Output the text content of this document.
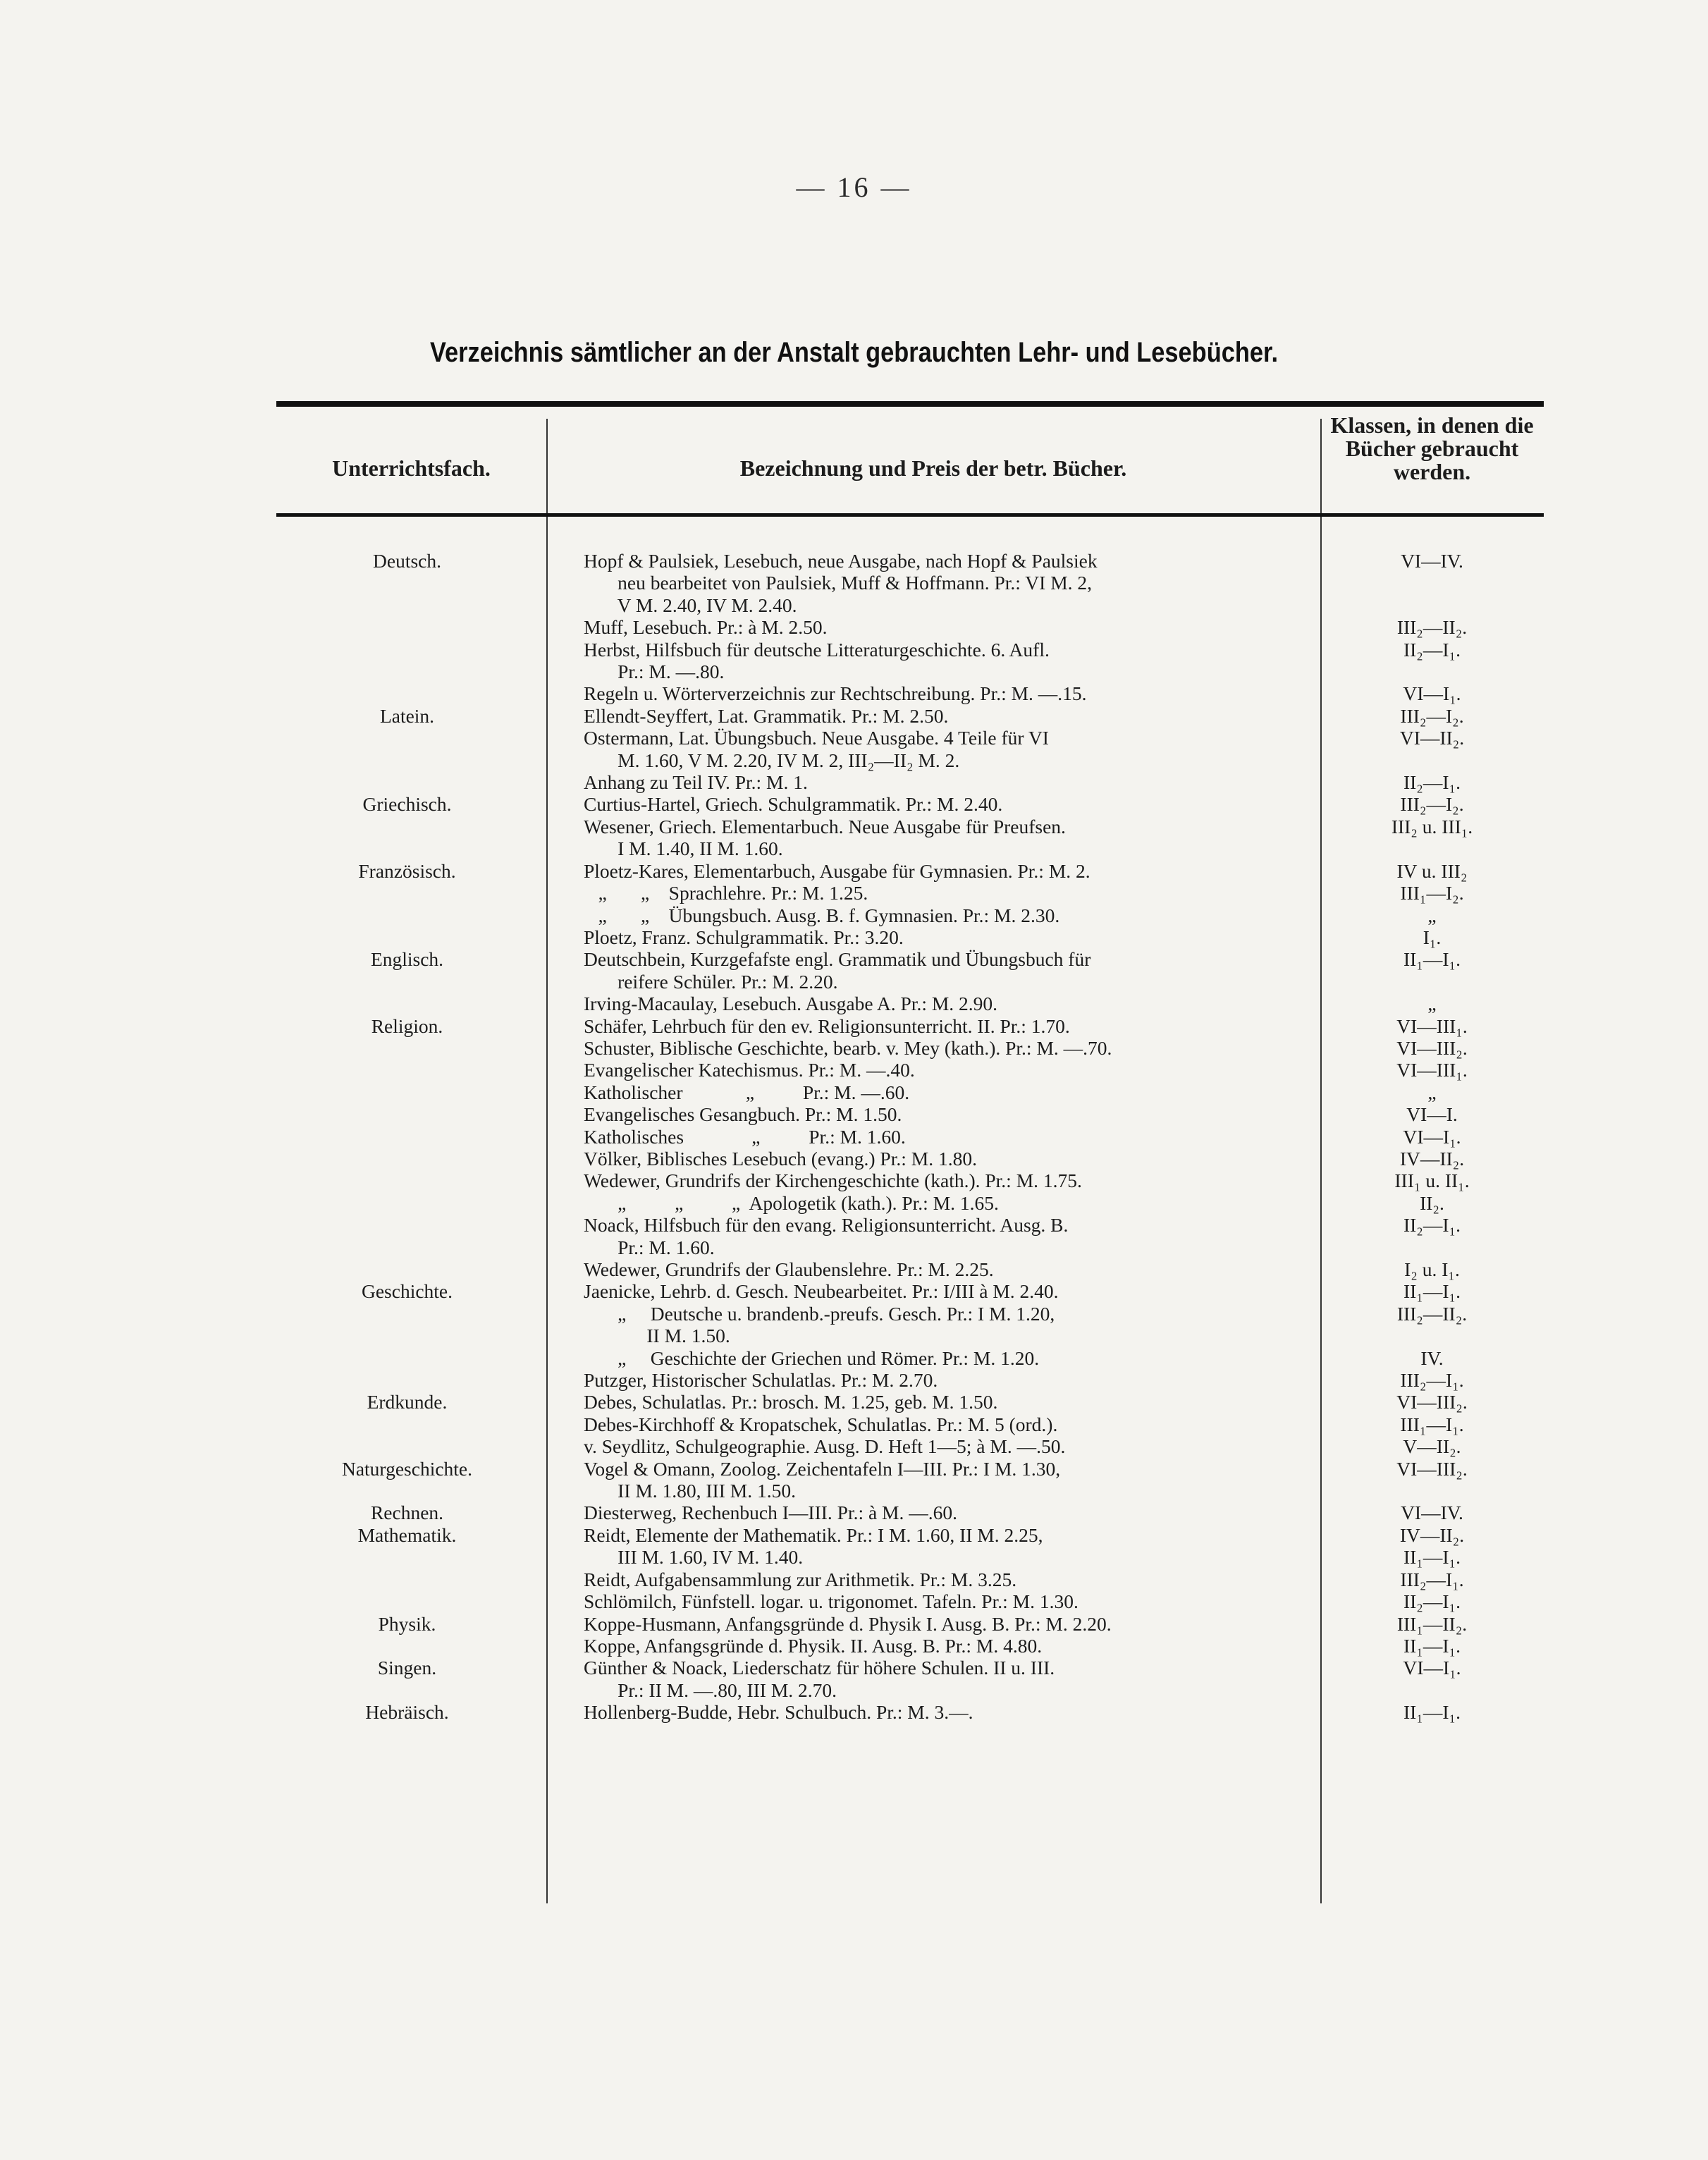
— 16 —
Verzeichnis sämtlicher an der Anstalt gebrauchten Lehr- und Lesebücher.
Unterrichtsfach.	Bezeichnung und Preis der betr. Bücher.
Klassen, in denen die Bücher gebraucht werden.
Deutsch.	Hopf & Paulsiek, Lesebuch, neue Ausgabe, nach Hopf & Paulsiek	VI—IV.
neu bearbeitet von Paulsiek, Muff & Hoffmann. Pr.: VI M. 2,
V M. 2.40, IV M. 2.40.
Muff, Lesebuch. Pr.: à M. 2.50.	III₂—II₂.
Herbst, Hilfsbuch für deutsche Litteraturgeschichte. 6. Aufl.	II₂—I₁.
Pr.: M. —.80.
Regeln u. Wörterverzeichnis zur Rechtschreibung. Pr.: M. —.15.	VI—I₁.
Latein.	Ellendt-Seyffert, Lat. Grammatik. Pr.: M. 2.50.	III₂—I₂.
Ostermann, Lat. Übungsbuch. Neue Ausgabe. 4 Teile für VI	VI—II₂.
M. 1.60, V M. 2.20, IV M. 2, III₂—II₂ M. 2.
Anhang zu Teil IV. Pr.: M. 1.	II₂—I₁.
Griechisch.	Curtius-Hartel, Griech. Schulgrammatik. Pr.: M. 2.40.	III₂—I₂.
Wesener, Griech. Elementarbuch. Neue Ausgabe für Preufsen.	III₂ u. III₁.
I M. 1.40, II M. 1.60.
Französisch.	Ploetz-Kares, Elementarbuch, Ausgabe für Gymnasien. Pr.: M. 2.	IV u. III₂
„       „    Sprachlehre. Pr.: M. 1.25.	III₁—I₂.
„       „    Übungsbuch. Ausg. B. f. Gymnasien. Pr.: M. 2.30.	„
Ploetz, Franz. Schulgrammatik. Pr.: 3.20.	I₁.
Englisch.	Deutschbein, Kurzgefafste engl. Grammatik und Übungsbuch für	II₁—I₁.
reifere Schüler. Pr.: M. 2.20.
Irving-Macaulay, Lesebuch. Ausgabe A. Pr.: M. 2.90.	„
Religion.	Schäfer, Lehrbuch für den ev. Religionsunterricht. II. Pr.: 1.70.	VI—III₁.
Schuster, Biblische Geschichte, bearb. v. Mey (kath.). Pr.: M. —.70.	VI—III₂.
Evangelischer Katechismus. Pr.: M. —.40.	VI—III₁.
Katholischer             „          Pr.: M. —.60.	„
Evangelisches Gesangbuch. Pr.: M. 1.50.	VI—I.
Katholisches              „          Pr.: M. 1.60.	VI—I₁.
Völker, Biblisches Lesebuch (evang.) Pr.: M. 1.80.	IV—II₂.
Wedewer, Grundrifs der Kirchengeschichte (kath.). Pr.: M. 1.75.	III₁ u. II₁.
„          „          „  Apologetik (kath.). Pr.: M. 1.65.	II₂.
Noack, Hilfsbuch für den evang. Religionsunterricht. Ausg. B.	II₂—I₁.
Pr.: M. 1.60.
Wedewer, Grundrifs der Glaubenslehre. Pr.: M. 2.25.	I₂ u. I₁.
Geschichte.	Jaenicke, Lehrb. d. Gesch. Neubearbeitet. Pr.: I/III à M. 2.40.	II₁—I₁.
„     Deutsche u. brandenb.-preufs. Gesch. Pr.: I M. 1.20,	III₂—II₂.
II M. 1.50.
„     Geschichte der Griechen und Römer. Pr.: M. 1.20.	IV.
Putzger, Historischer Schulatlas. Pr.: M. 2.70.	III₂—I₁.
Erdkunde.	Debes, Schulatlas. Pr.: brosch. M. 1.25, geb. M. 1.50.	VI—III₂.
Debes-Kirchhoff & Kropatschek, Schulatlas. Pr.: M. 5 (ord.).	III₁—I₁.
v. Seydlitz, Schulgeographie. Ausg. D. Heft 1—5; à M. —.50.	V—II₂.
Naturgeschichte.	Vogel & Omann, Zoolog. Zeichentafeln I—III. Pr.: I M. 1.30,	VI—III₂.
II M. 1.80, III M. 1.50.
Rechnen.	Diesterweg, Rechenbuch I—III. Pr.: à M. —.60.	VI—IV.
Mathematik.	Reidt, Elemente der Mathematik. Pr.: I M. 1.60, II M. 2.25,	IV—II₂.
III M. 1.60, IV M. 1.40.	II₁—I₁.
Reidt, Aufgabensammlung zur Arithmetik. Pr.: M. 3.25.	III₂—I₁.
Schlömilch, Fünfstell. logar. u. trigonomet. Tafeln. Pr.: M. 1.30.	II₂—I₁.
Physik.	Koppe-Husmann, Anfangsgründe d. Physik I. Ausg. B. Pr.: M. 2.20.	III₁—II₂.
Koppe, Anfangsgründe d. Physik. II. Ausg. B. Pr.: M. 4.80.	II₁—I₁.
Singen.	Günther & Noack, Liederschatz für höhere Schulen. II u. III.	VI—I₁.
Pr.: II M. —.80, III M. 2.70.
Hebräisch.	Hollenberg-Budde, Hebr. Schulbuch. Pr.: M. 3.—.	II₁—I₁.
